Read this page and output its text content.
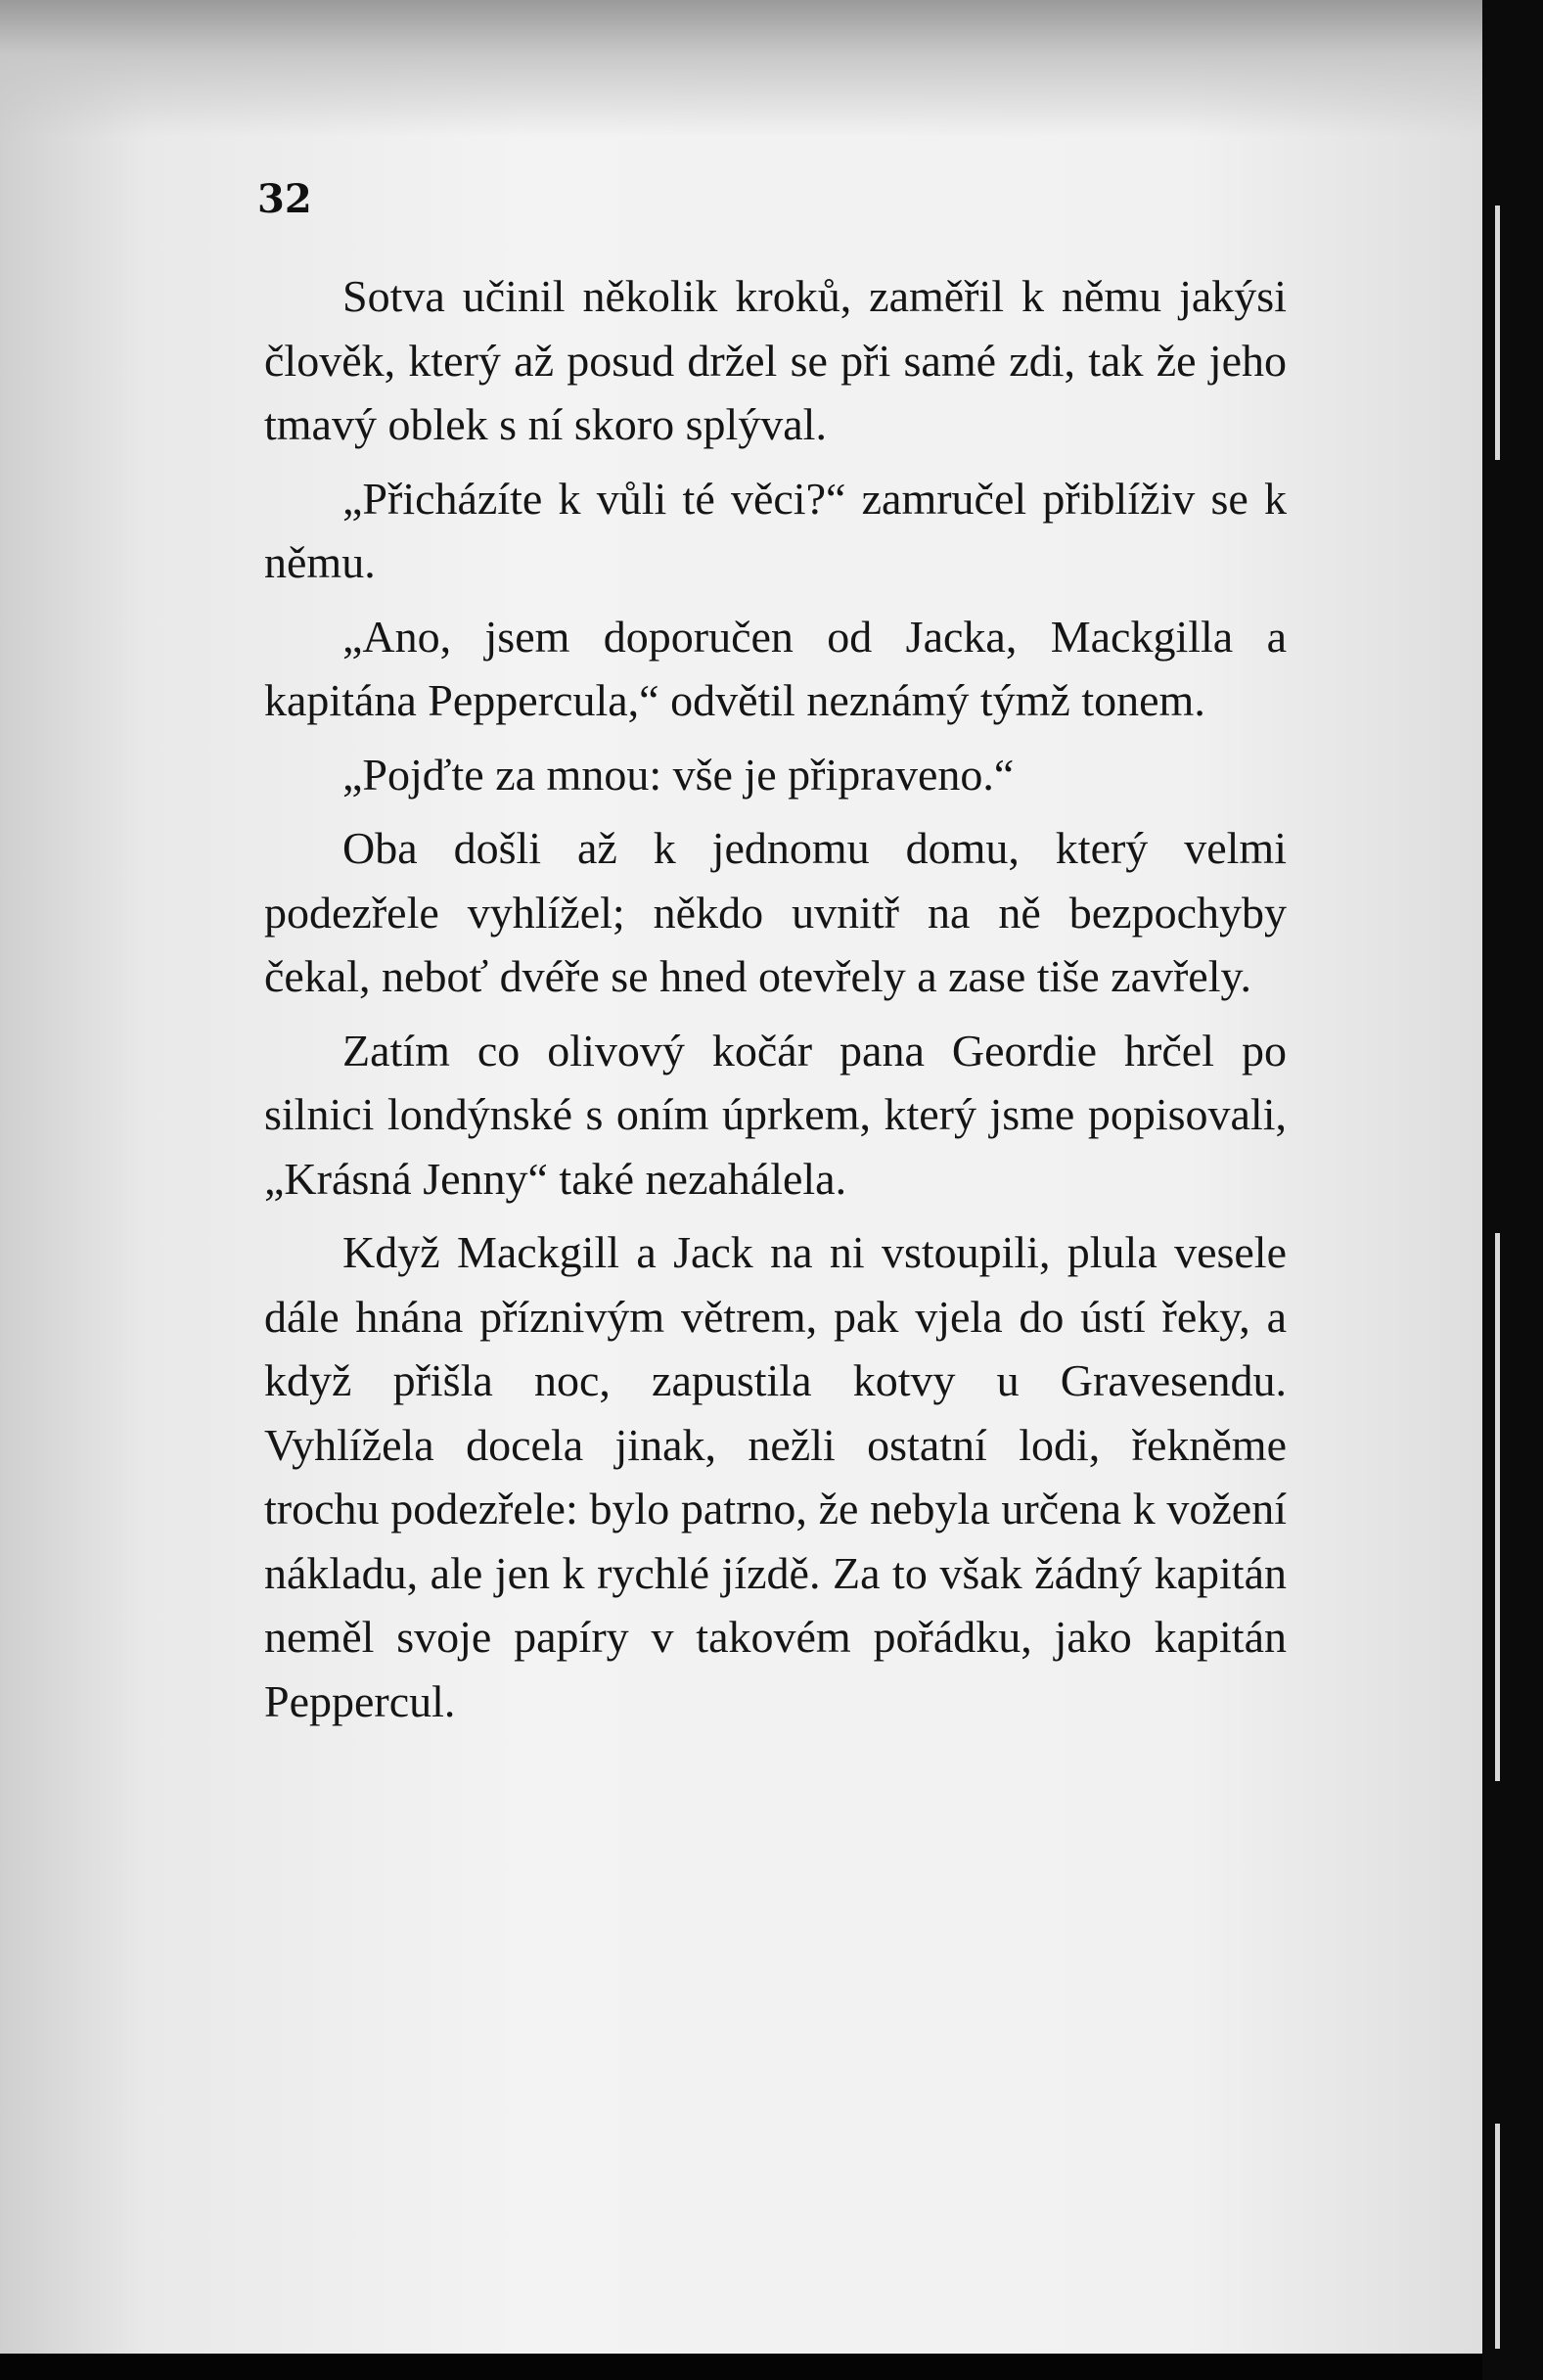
32

Sotva učinil několik kroků, zaměřil k němu jakýsi člověk, který až posud držel se při samé zdi, tak že jeho tmavý oblek s ní skoro splýval.

„Přicházíte k vůli té věci?“ zamručel přiblíživ se k němu.

„Ano, jsem doporučen od Jacka, Mackgilla a kapitána Peppercula,“ odvětil neznámý týmž tonem.

„Pojďte za mnou: vše je připraveno.“

Oba došli až k jednomu domu, který velmi podezřele vyhlížel; někdo uvnitř na ně bezpochyby čekal, neboť dvéře se hned otevřely a zase tiše zavřely.

Zatím co olivový kočár pana Geordie hrčel po silnici londýnské s oním úprkem, který jsme popisovali, „Krásná Jenny“ také nezahálela.

Když Mackgill a Jack na ni vstoupili, plula vesele dále hnána příznivým větrem, pak vjela do ústí řeky, a když přišla noc, zapustila kotvy u Gravesendu. Vyhlížela docela jinak, nežli ostatní lodi, řekněme trochu podezřele: bylo patrno, že nebyla určena k vožení nákladu, ale jen k rychlé jízdě. Za to však žádný kapitán neměl svoje papíry v takovém pořádku, jako kapitán Peppercul.
